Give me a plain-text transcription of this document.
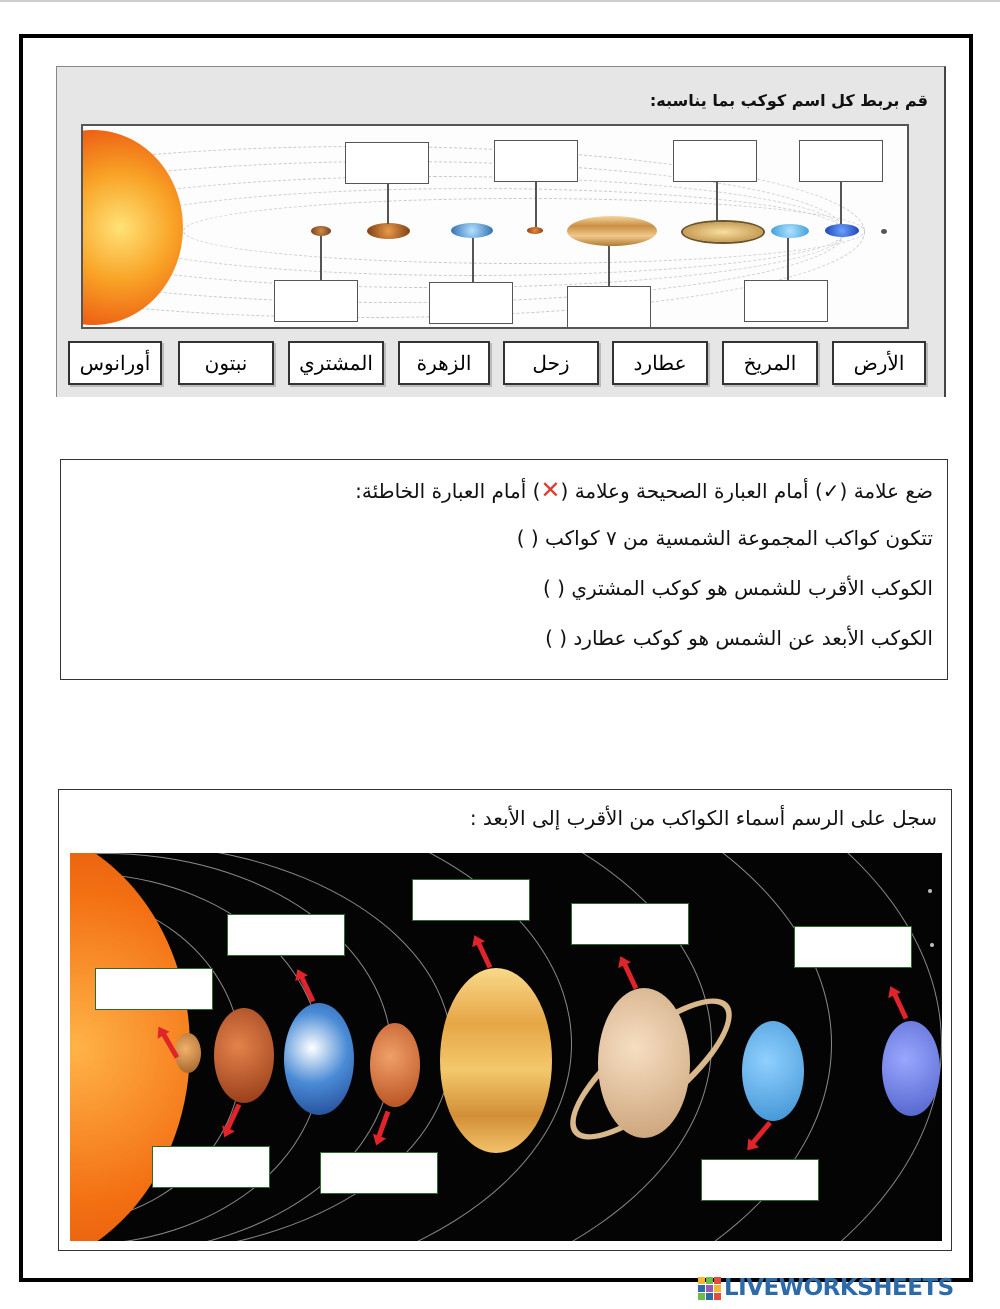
قم بربط كل اسم كوكب بما يناسبه:
الأرض
المريخ
عطارد
زحل
الزهرة
المشتري
نبتون
أورانوس
ضع علامة (✓) أمام العبارة الصحيحة وعلامة (✕) أمام العبارة الخاطئة:
تتكون كواكب المجموعة الشمسية من ٧ كواكب ( )
الكوكب الأقرب للشمس هو كوكب المشتري ( )
الكوكب الأبعد عن الشمس هو كوكب عطارد ( )
سجل على الرسم أسماء الكواكب من الأقرب إلى الأبعد :
LIVEWORKSHEETS
